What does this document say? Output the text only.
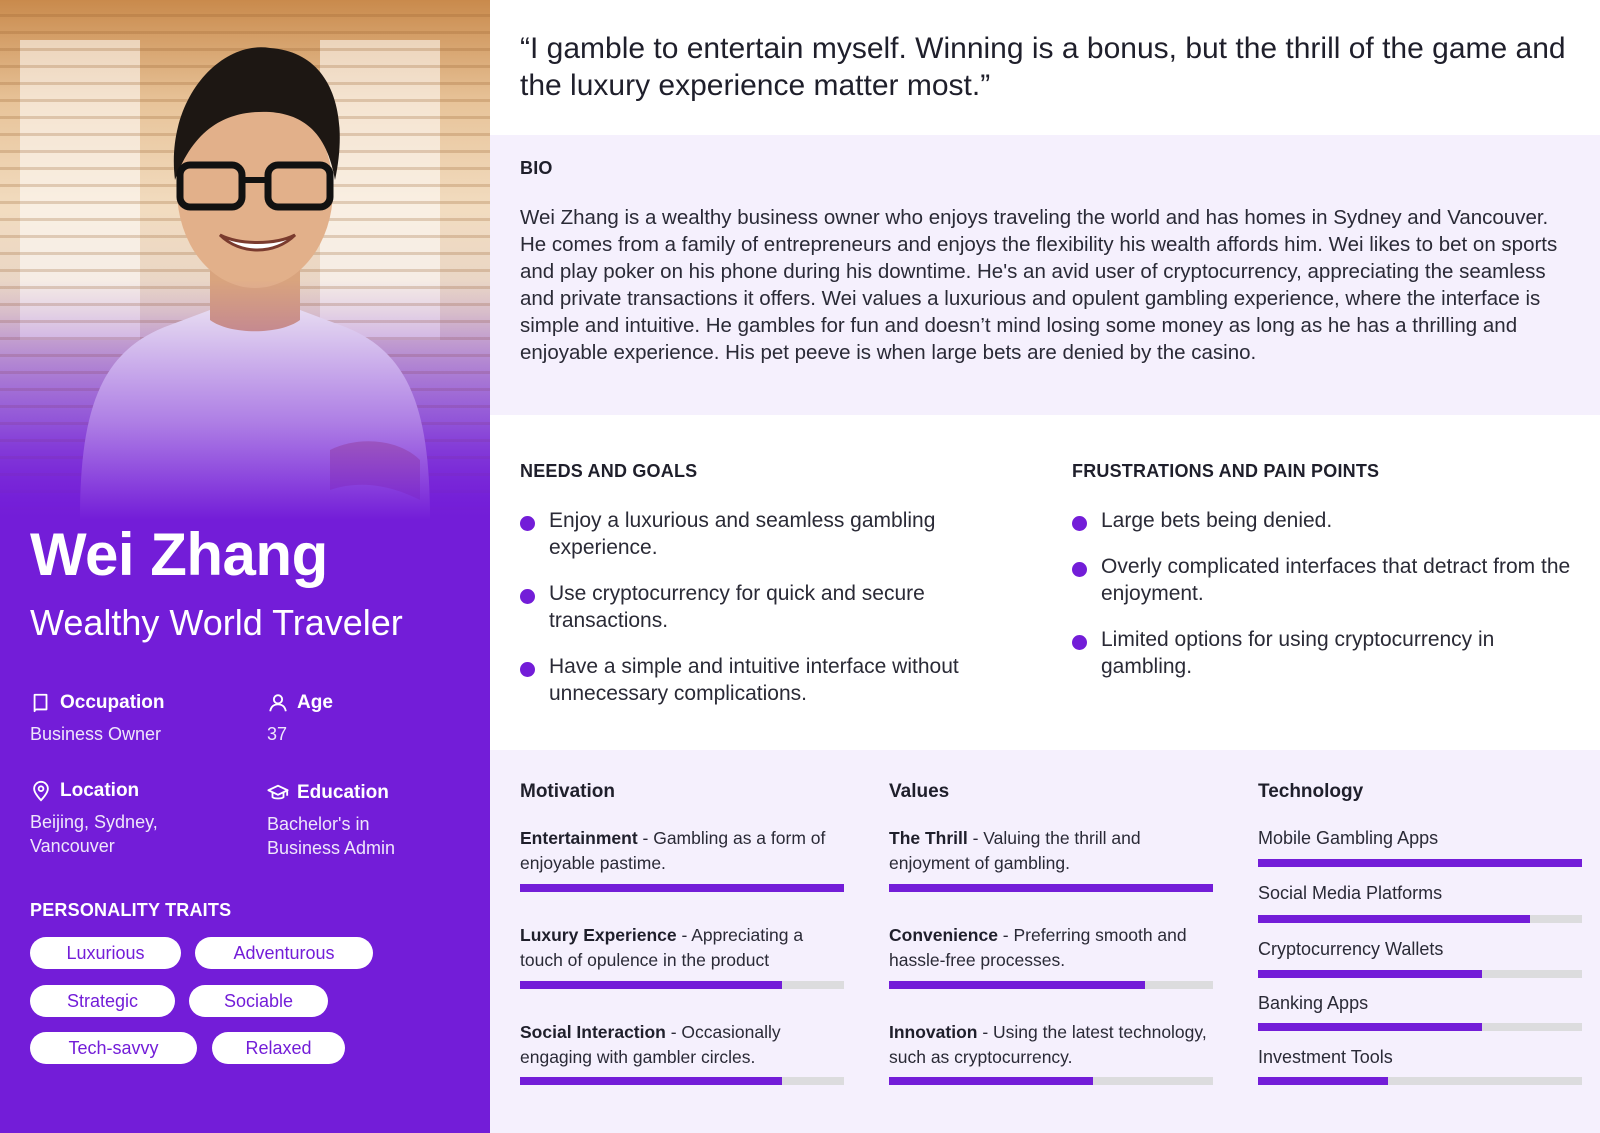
Wei Zhang
Wealthy World Traveler
Occupation
Business Owner
Age
37
Location
Beijing, Sydney,
Vancouver
Education
Bachelor's in
Business Admin
PERSONALITY TRAITS
Luxurious	Adventurous
Strategic	Sociable
Tech-savvy	Relaxed
“I gamble to entertain myself. Winning is a bonus, but the thrill of the game and the luxury experience matter most.”
BIO
Wei Zhang is a wealthy business owner who enjoys traveling the world and has homes in Sydney and Vancouver. He comes from a family of entrepreneurs and enjoys the flexibility his wealth affords him. Wei likes to bet on sports and play poker on his phone during his downtime. He's an avid user of cryptocurrency, appreciating the seamless and private transactions it offers. Wei values a luxurious and opulent gambling experience, where the interface is simple and intuitive. He gambles for fun and doesn’t mind losing some money as long as he has a thrilling and enjoyable experience. His pet peeve is when large bets are denied by the casino.
NEEDS AND GOALS
Enjoy a luxurious and seamless gambling experience.
Use cryptocurrency for quick and secure transactions.
Have a simple and intuitive interface without unnecessary complications.
FRUSTRATIONS AND PAIN POINTS
Large bets being denied.
Overly complicated interfaces that detract from the enjoyment.
Limited options for using cryptocurrency in gambling.
Motivation
Entertainment - Gambling as a form of enjoyable pastime.
Luxury Experience - Appreciating a touch of opulence in the product
Social Interaction - Occasionally engaging with gambler circles.
Values
The Thrill - Valuing the thrill and enjoyment of gambling.
Convenience - Preferring smooth and hassle-free processes.
Innovation - Using the latest technology, such as cryptocurrency.
Technology
Mobile Gambling Apps
Social Media Platforms
Cryptocurrency Wallets
Banking Apps
Investment Tools
